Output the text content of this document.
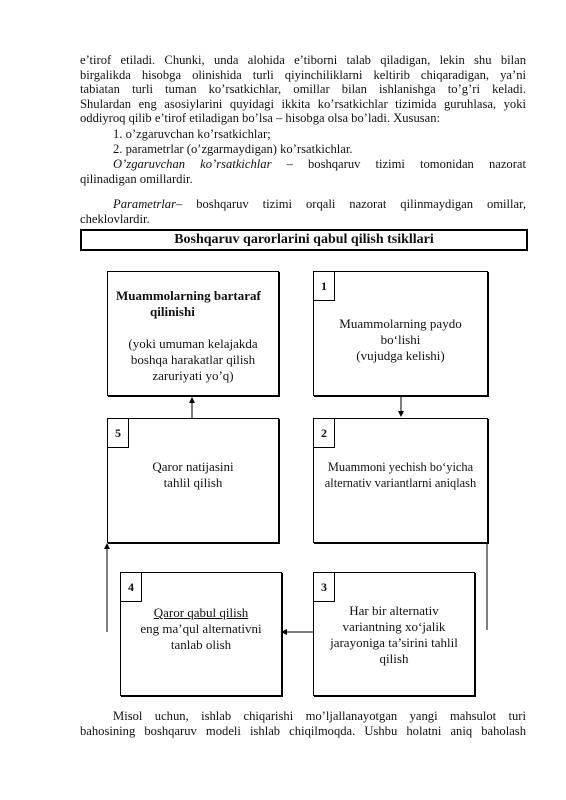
e’tirof etiladi. Chunki, unda alohida e’tiborni talab qiladigan, lekin shu bilan
birgalikda hisobga olinishida turli qiyinchiliklarni keltirib chiqaradigan, ya’ni
tabiatan turli tuman ko’rsatkichlar, omillar bilan ishlanishga to’g’ri keladi.
Shulardan eng asosiylarini quyidagi ikkita ko’rsatkichlar tizimida guruhlasa, yoki
oddiyroq qilib e’tirof etiladigan bo’lsa – hisobga olsa bo’ladi. Xususan:
1. o’zgaruvchan ko’rsatkichlar;
2. parametrlar (o’zgarmaydigan) ko’rsatkichlar.
O’zgaruvchan ko’rsatkichlar – boshqaruv tizimi tomonidan nazorat
qilinadigan omillardir.
Parametrlar– boshqaruv tizimi orqali nazorat qilinmaydigan omillar,
cheklovlardir.
Boshqaruv qarorlarini qabul qilish tsikllari
Muammolarning bartaraf
qilinishi
(yoki umuman kelajakda
boshqa harakatlar qilish
zaruriyati yo’q)
1
Muammolarning paydo
bo‘lishi
(vujudga kelishi)
5
Qaror natijasini
tahlil qilish
2
Muammoni yechish bo‘yicha
alternativ variantlarni aniqlash
4
Qaror qabul qilish
eng ma’qul alternativni
tanlab olish
3
Har bir alternativ
variantning xo‘jalik
jarayoniga ta’sirini tahlil
qilish
Misol uchun, ishlab chiqarishi mo’ljallanayotgan yangi mahsulot turi
bahosining boshqaruv modeli ishlab chiqilmoqda. Ushbu holatni aniq baholash
